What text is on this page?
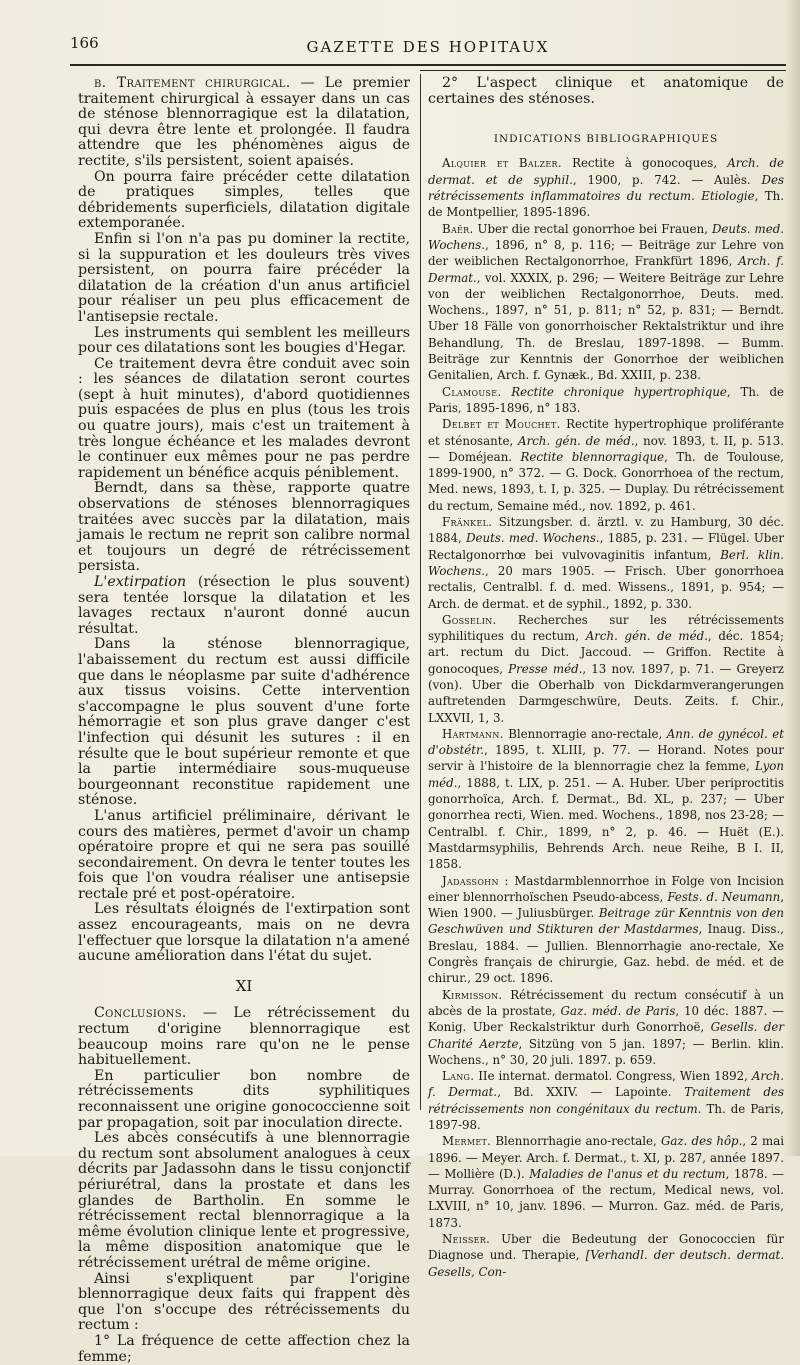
166	GAZETTE DES HOPITAUX

b. Traitement chirurgical. — Le premier traitement chirurgical à essayer dans un cas de sténose blennorragique est la dilatation, qui devra être lente et prolongée. Il faudra attendre que les phénomènes aigus de rectite, s'ils persistent, soient apaisés.

On pourra faire précéder cette dilatation de pratiques simples, telles que débridements superficiels, dilatation digitale extemporanée.

Enfin si l'on n'a pas pu dominer la rectite, si la suppuration et les douleurs très vives persistent, on pourra faire précéder la dilatation de la création d'un anus artificiel pour réaliser un peu plus efficacement de l'antisepsie rectale.

Les instruments qui semblent les meilleurs pour ces dilatations sont les bougies d'Hegar.

Ce traitement devra être conduit avec soin : les séances de dilatation seront courtes (sept à huit minutes), d'abord quotidiennes puis espacées de plus en plus (tous les trois ou quatre jours), mais c'est un traitement à très longue échéance et les malades devront le continuer eux mêmes pour ne pas perdre rapidement un bénéfice acquis péniblement.

Berndt, dans sa thèse, rapporte quatre observations de sténoses blennorragiques traitées avec succès par la dilatation, mais jamais le rectum ne reprit son calibre normal et toujours un degré de rétrécissement persista.

L'extirpation (résection le plus souvent) sera tentée lorsque la dilatation et les lavages rectaux n'auront donné aucun résultat.

Dans la sténose blennorragique, l'abaissement du rectum est aussi difficile que dans le néoplasme par suite d'adhérence aux tissus voisins. Cette intervention s'accompagne le plus souvent d'une forte hémorragie et son plus grave danger c'est l'infection qui désunit les sutures : il en résulte que le bout supérieur remonte et que la partie intermédiaire sous-muqueuse bourgeonnant reconstitue rapidement une sténose.

L'anus artificiel préliminaire, dérivant le cours des matières, permet d'avoir un champ opératoire propre et qui ne sera pas souillé secondairement. On devra le tenter toutes les fois que l'on voudra réaliser une antisepsie rectale pré et post-opératoire.

Les résultats éloignés de l'extirpation sont assez encourageants, mais on ne devra l'effectuer que lorsque la dilatation n'a amené aucune amélioration dans l'état du sujet.

XI

Conclusions. — Le rétrécissement du rectum d'origine blennorragique est beaucoup moins rare qu'on ne le pense habituellement.

En particulier bon nombre de rétrécissements dits syphilitiques reconnaissent une origine gonococcienne soit par propagation, soit par inoculation directe.

Les abcès consécutifs à une blennorragie du rectum sont absolument analogues à ceux décrits par Jadassohn dans le tissu conjonctif périurétral, dans la prostate et dans les glandes de Bartholin. En somme le rétrécissement rectal blennorragique a la même évolution clinique lente et progressive, la même disposition anatomique que le rétrécissement urétral de même origine.

Ainsi s'expliquent par l'origine blennorragique deux faits qui frappent dès que l'on s'occupe des rétrécissements du rectum :

1° La fréquence de cette affection chez la femme;

2° L'aspect clinique et anatomique de certaines des sténoses.

INDICATIONS BIBLIOGRAPHIQUES

Alquier et Balzer. Rectite à gonocoques, Arch. de dermat. et de syphil., 1900, p. 742. — Aulès. Des rétrécissements inflammatoires du rectum. Etiologie, Th. de Montpellier, 1895-1896.

Baër. Uber die rectal gonorrhoe bei Frauen, Deuts. med. Wochens., 1896, n° 8, p. 116; — Beiträge zur Lehre von der weiblichen Rectalgonorrhoe, Frankfürt 1896, Arch. f. Dermat., vol. XXXIX, p. 296; — Weitere Beiträge zur Lehre von der weiblichen Rectalgonorrhoe, Deuts. med. Wochens., 1897, n° 51, p. 811; n° 52, p. 831; — Berndt. Uber 18 Fälle von gonorrhoischer Rektalstriktur und ihre Behandlung, Th. de Breslau, 1897-1898. — Bumm. Beiträge zur Kenntnis der Gonorrhoe der weiblichen Genitalien, Arch. f. Gynæk., Bd. XXIII, p. 238.

Clamouse. Rectite chronique hypertrophique, Th. de Paris, 1895-1896, n° 183.

Delbet et Mouchet. Rectite hypertrophique proliférante et sténosante, Arch. gén. de méd., nov. 1893, t. II, p. 513. — Doméjean. Rectite blennorragique, Th. de Toulouse, 1899-1900, n° 372. — G. Dock. Gonorrhoea of the rectum, Med. news, 1893, t. I, p. 325. — Duplay. Du rétrécissement du rectum, Semaine méd., nov. 1892, p. 461.

Fränkel. Sitzungsber. d. ärztl. v. zu Hamburg, 30 déc. 1884, Deuts. med. Wochens., 1885, p. 231. — Flügel. Uber Rectalgonorrhœ bei vulvovaginitis infantum, Berl. klin. Wochens., 20 mars 1905. — Frisch. Uber gonorrhoea rectalis, Centralbl. f. d. med. Wissens., 1891, p. 954; — Arch. de dermat. et de syphil., 1892, p. 330.

Gosselin. Recherches sur les rétrécissements syphilitiques du rectum, Arch. gén. de méd., déc. 1854; art. rectum du Dict. Jaccoud. — Griffon. Rectite à gonocoques, Presse méd., 13 nov. 1897, p. 71. — Greyerz (von). Uber die Oberhalb von Dickdarmverangerungen auftretenden Darmgeschwüre, Deuts. Zeits. f. Chir., LXXVII, 1, 3.

Hartmann. Blennorragie ano-rectale, Ann. de gynécol. et d'obstétr., 1895, t. XLIII, p. 77. — Horand. Notes pour servir à l'histoire de la blennorragie chez la femme, Lyon méd., 1888, t. LIX, p. 251. — A. Huber. Uber periproctitis gonorrhoïca, Arch. f. Dermat., Bd. XL, p. 237; — Uber gonorrhea recti, Wien. med. Wochens., 1898, nos 23-28; — Centralbl. f. Chir., 1899, n° 2, p. 46. — Huët (E.). Mastdarmsyphilis, Behrends Arch. neue Reihe, B I. II, 1858.

Jadassohn : Mastdarmblennorrhoe in Folge von Incision einer blennorrhoïschen Pseudo-abcess, Fests. d. Neumann, Wien 1900. — Juliusbürger. Beitrage zür Kenntnis von den Geschwüven und Stikturen der Mastdarmes, Inaug. Diss., Breslau, 1884. — Jullien. Blennorrhagie ano-rectale, Xe Congrès français de chirurgie, Gaz. hebd. de méd. et de chirur., 29 oct. 1896.

Kirmisson. Rétrécissement du rectum consécutif à un abcès de la prostate, Gaz. méd. de Paris, 10 déc. 1887. — Konig. Uber Reckalstriktur durh Gonorrhoë, Gesells. der Charité Aerzte, Sitzüng von 5 jan. 1897; — Berlin. klin. Wochens., n° 30, 20 juli. 1897. p. 659.

Lang. IIe internat. dermatol. Congress, Wien 1892, Arch. f. Dermat., Bd. XXIV. — Lapointe. Traitement des rétrécissements non congénitaux du rectum. Th. de Paris, 1897-98.

Mermet. Blennorrhagie ano-rectale, Gaz. des hôp., 2 mai 1896. — Meyer. Arch. f. Dermat., t. XI, p. 287, année 1897. — Mollière (D.). Maladies de l'anus et du rectum, 1878. — Murray. Gonorrhoea of the rectum, Medical news, vol. LXVIII, n° 10, janv. 1896. — Murron. Gaz. méd. de Paris, 1873.

Neisser. Uber die Bedeutung der Gonococcien für Diagnose und. Therapie, [Verhandl. der deutsch. dermat. Gesells, Con-
